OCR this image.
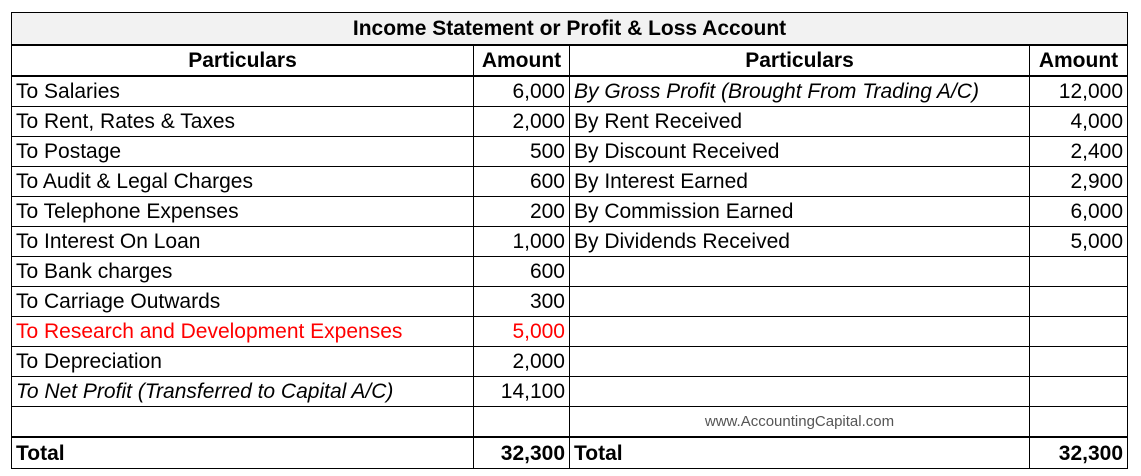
Income Statement or Profit & Loss Account			
Particulars	Amount	Particulars	Amount
To Salaries	6,000	By Gross Profit (Brought From Trading A/C)	12,000
To Rent, Rates & Taxes	2,000	By Rent Received	4,000
To Postage	500	By Discount Received	2,400
To Audit & Legal Charges	600	By Interest Earned	2,900
To Telephone Expenses	200	By Commission Earned	6,000
To Interest On Loan	1,000	By Dividends Received	5,000
To Bank charges	600		
To Carriage Outwards	300		
To Research and Development Expenses	5,000		
To Depreciation	2,000		
To Net Profit (Transferred to Capital A/C)	14,100		
		www.AccountingCapital.com	
Total	32,300	Total	32,300
